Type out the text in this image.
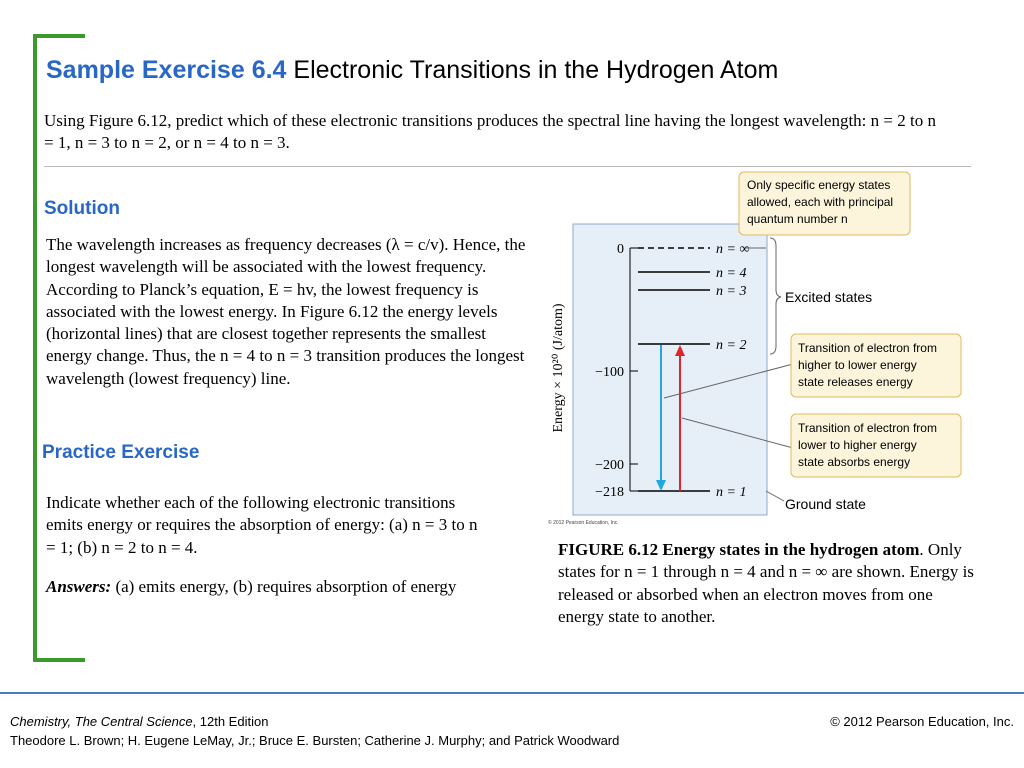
Sample Exercise 6.4 Electronic Transitions in the Hydrogen Atom
Using Figure 6.12, predict which of these electronic transitions produces the spectral line having the longest wavelength: n = 2 to n = 1, n = 3 to n = 2, or n = 4 to n = 3.
Solution
The wavelength increases as frequency decreases (λ = c/v). Hence, the longest wavelength will be associated with the lowest frequency. According to Planck’s equation, E = hv, the lowest frequency is associated with the lowest energy. In Figure 6.12 the energy levels (horizontal lines) that are closest together represents the smallest energy change. Thus, the n = 4 to n = 3 transition produces the longest wavelength (lowest frequency) line.
Practice Exercise
Indicate whether each of the following electronic transitions emits energy or requires the absorption of energy: (a) n = 3 to n = 1; (b) n = 2 to n = 4.
Answers: (a) emits energy, (b) requires absorption of energy
0
−100
−200
−218
Energy × 10²⁰ (J/atom)
n = ∞
n = 4
n = 3
n = 2
n = 1
Excited states
Only specific energy states
allowed, each with principal
quantum number n
Transition of electron from
higher to lower energy
state releases energy
Transition of electron from
lower to higher energy
state absorbs energy
Ground state
© 2012 Pearson Education, Inc.
FIGURE 6.12 Energy states in the hydrogen atom. Only states for n = 1 through n = 4 and n = ∞ are shown. Energy is released or absorbed when an electron moves from one energy state to another.
Chemistry, The Central Science, 12th Edition
Theodore L. Brown; H. Eugene LeMay, Jr.; Bruce E. Bursten; Catherine J. Murphy; and Patrick Woodward
© 2012 Pearson Education, Inc.
